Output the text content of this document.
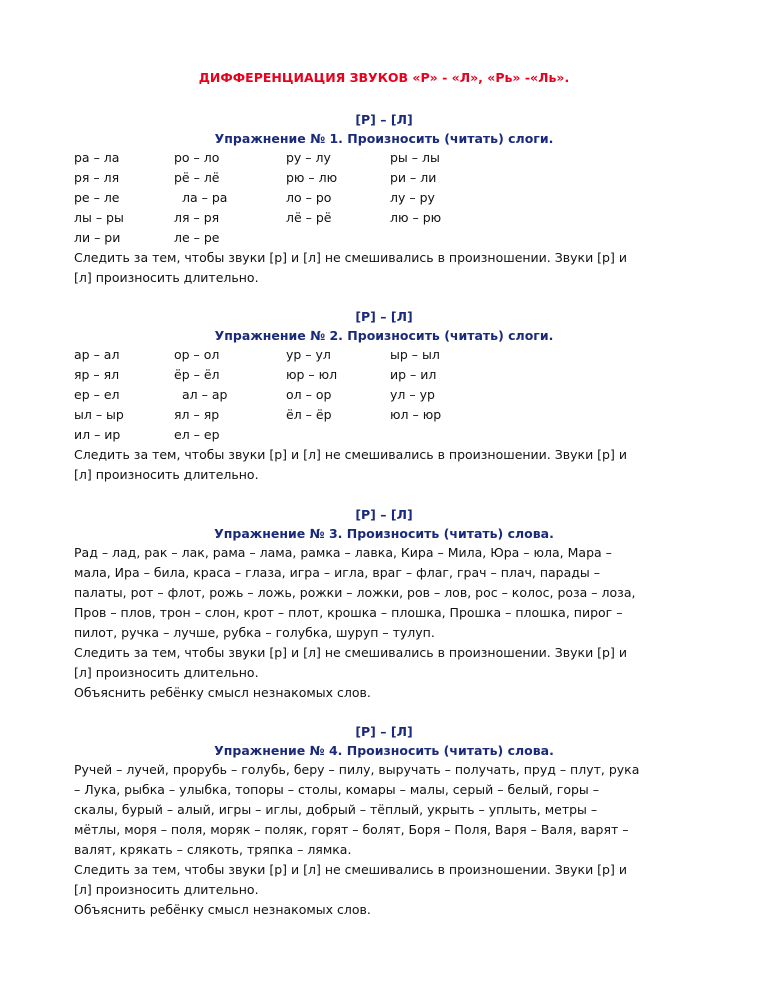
ДИФФЕРЕНЦИАЦИЯ ЗВУКОВ «Р» - «Л», «Рь» -«Ль».
[Р] – [Л]
Упражнение № 1. Произносить (читать) слоги.
ра – ла	ро – ло	ру – лу	ры – лы
ря – ля	рё – лё	рю – лю	ри – ли
ре – ле	ла – ра	ло – ро	лу – ру
лы – ры	ля – ря	лё – рё	лю – рю
ли – ри	ле – ре
Следить за тем, чтобы звуки [р] и [л] не смешивались в произношении. Звуки [р] и
[л] произносить длительно.
[Р] – [Л]
Упражнение № 2. Произносить (читать) слоги.
ар – ал	ор – ол	ур – ул	ыр – ыл
яр – ял	ёр – ёл	юр – юл	ир – ил
ер – ел	ал – ар	ол – ор	ул – ур
ыл – ыр	ял – яр	ёл – ёр	юл – юр
ил – ир	ел – ер
Следить за тем, чтобы звуки [р] и [л] не смешивались в произношении. Звуки [р] и
[л] произносить длительно.
[Р] – [Л]
Упражнение № 3. Произносить (читать) слова.
Рад – лад, рак – лак, рама – лама, рамка – лавка, Кира – Мила, Юра – юла, Мара –
мала, Ира – била, краса – глаза, игра – игла, враг – флаг, грач – плач, парады –
палаты, рот – флот, рожь – ложь, рожки – ложки, ров – лов, рос – колос, роза – лоза,
Пров – плов, трон – слон, крот – плот, крошка – плошка, Прошка – плошка, пирог –
пилот, ручка – лучше, рубка – голубка, шуруп – тулуп.
Следить за тем, чтобы звуки [р] и [л] не смешивались в произношении. Звуки [р] и
[л] произносить длительно.
Объяснить ребёнку смысл незнакомых слов.
[Р] – [Л]
Упражнение № 4. Произносить (читать) слова.
Ручей – лучей, прорубь – голубь, беру – пилу, выручать – получать, пруд – плут, рука
– Лука, рыбка – улыбка, топоры – столы, комары – малы, серый – белый, горы –
скалы, бурый – алый, игры – иглы, добрый – тёплый, укрыть – уплыть, метры –
мётлы, моря – поля, моряк – поляк, горят – болят, Боря – Поля, Варя – Валя, варят –
валят, крякать – слякоть, тряпка – лямка.
Следить за тем, чтобы звуки [р] и [л] не смешивались в произношении. Звуки [р] и
[л] произносить длительно.
Объяснить ребёнку смысл незнакомых слов.
